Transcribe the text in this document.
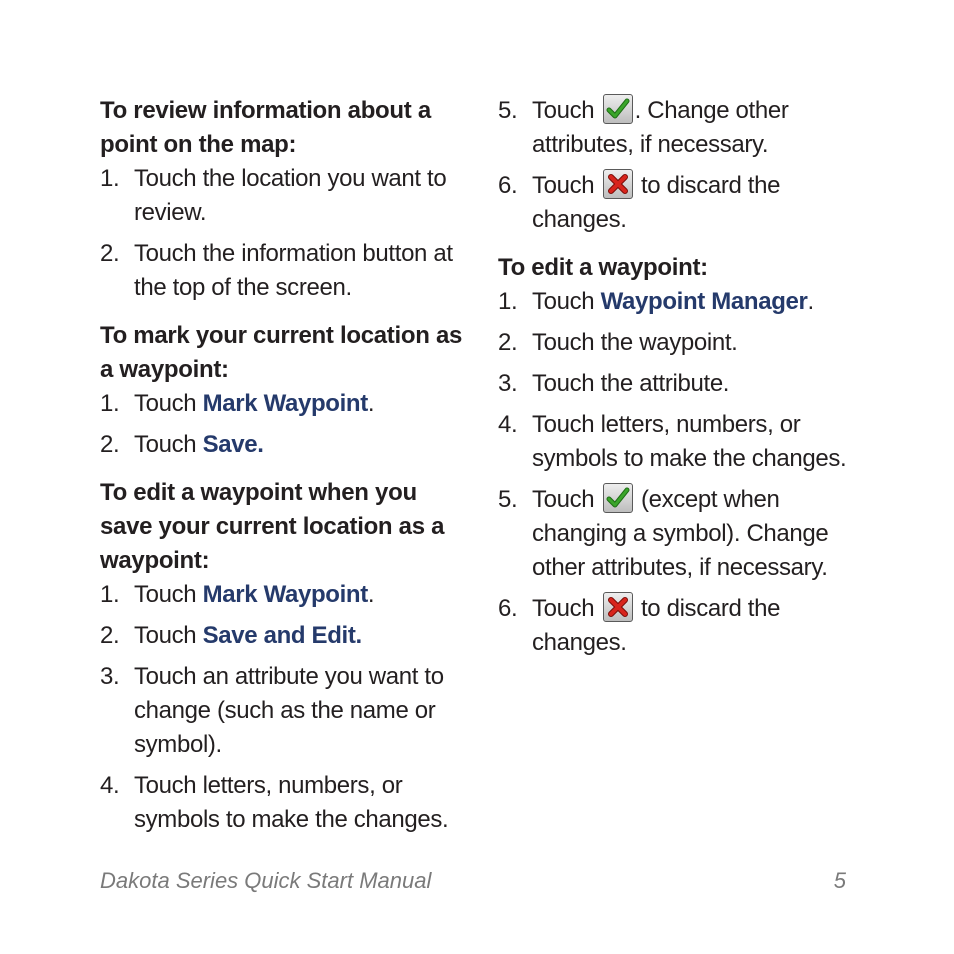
To review information about a point on the map:
1. Touch the location you want to review.
2. Touch the information button at the top of the screen.
To mark your current location as a waypoint:
1. Touch Mark Waypoint.
2. Touch Save.
To edit a waypoint when you save your current location as a waypoint:
1. Touch Mark Waypoint.
2. Touch Save and Edit.
3. Touch an attribute you want to change (such as the name or symbol).
4. Touch letters, numbers, or symbols to make the changes.
5. Touch
. Change other attributes, if necessary.
6. Touch
to discard the changes.
To edit a waypoint:
1. Touch Waypoint Manager.
2. Touch the waypoint.
3. Touch the attribute.
4. Touch letters, numbers, or symbols to make the changes.
5. Touch
(except when changing a symbol). Change other attributes, if necessary.
6. Touch
to discard the changes.
Dakota Series Quick Start Manual	5
